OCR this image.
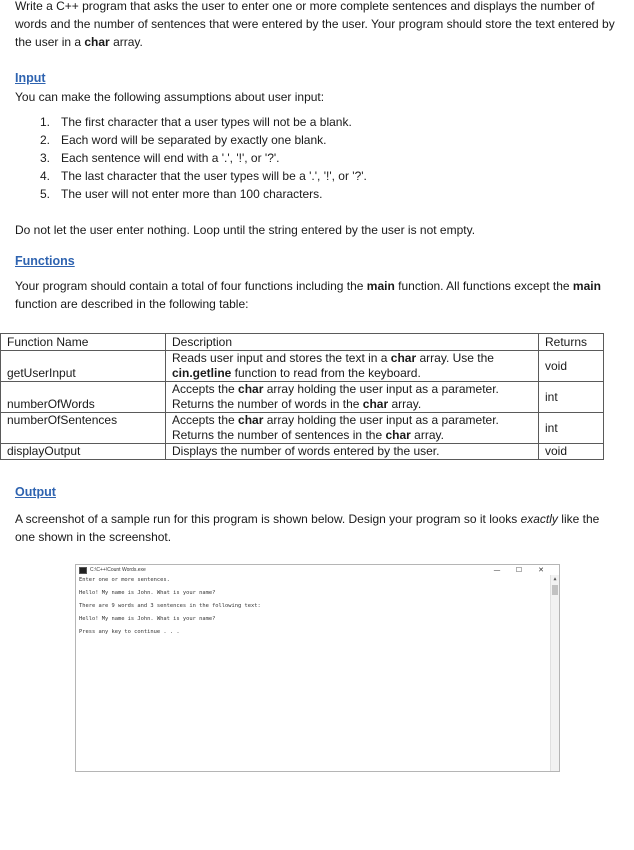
Write a C++ program that asks the user to enter one or more complete sentences and displays the number of words and the number of sentences that were entered by the user. Your program should store the text entered by the user in a char array.

Input

You can make the following assumptions about user input:

1. The first character that a user types will not be a blank.
2. Each word will be separated by exactly one blank.
3. Each sentence will end with a '.', '!', or '?'.
4. The last character that the user types will be a '.', '!', or '?'.
5. The user will not enter more than 100 characters.

Do not let the user enter nothing. Loop until the string entered by the user is not empty.

Functions

Your program should contain a total of four functions including the main function. All functions except the main function are described in the following table:

Function Name	Description	Returns
getUserInput	Reads user input and stores the text in a char array. Use the
cin.getline function to read from the keyboard.	void
numberOfWords	Accepts the char array holding the user input as a parameter.
Returns the number of words in the char array.	int
numberOfSentences	Accepts the char array holding the user input as a parameter.
Returns the number of sentences in the char array.	int
displayOutput	Displays the number of words entered by the user.	void
Output

A screenshot of a sample run for this program is shown below. Design your program so it looks exactly like the one shown in the screenshot.

C:\C++\Count Words.exe	—	☐	✕
Enter one or more sentences.
Hello! My name is John. What is your name?
There are 9 words and 3 sentences in the following text:
Hello! My name is John. What is your name?
Press any key to continue . . .
▲
